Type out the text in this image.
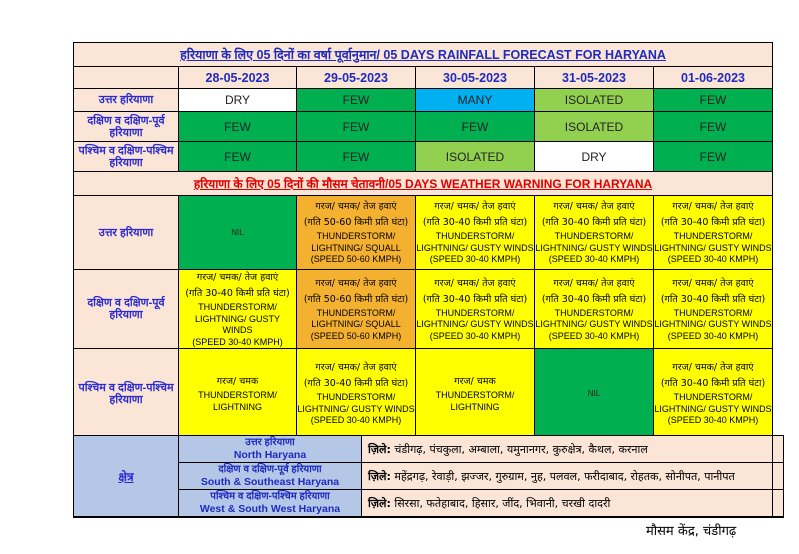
हरियाणा के लिए 05 दिनों का वर्षा पूर्वानुमान/ 05 DAYS RAINFALL FORECAST FOR HARYANA					
	28-05-2023	29-05-2023	30-05-2023	31-05-2023	01-06-2023
उत्तर हरियाणा	DRY	FEW	MANY	ISOLATED	FEW
दक्षिण व दक्षिण-पूर्व हरियाणा	FEW	FEW	FEW	ISOLATED	FEW
पश्चिम व दक्षिण-पश्चिम हरियाणा	FEW	FEW	ISOLATED	DRY	FEW
हरियाणा के लिए 05 दिनों की मौसम चेतावनी/05 DAYS WEATHER WARNING FOR HARYANA					
उत्तर हरियाणा	NIL	गरज/ चमक/ तेज हवाएं
(गति 50-60 किमी प्रति घंटा)
THUNDERSTORM/
LIGHTNING/ SQUALL
(SPEED 50-60 KMPH)	गरज/ चमक/ तेज हवाएं
(गति 30-40 किमी प्रति घंटा)
THUNDERSTORM/
LIGHTNING/ GUSTY WINDS
(SPEED 30-40 KMPH)	गरज/ चमक/ तेज हवाएं
(गति 30-40 किमी प्रति घंटा)
THUNDERSTORM/
LIGHTNING/ GUSTY WINDS
(SPEED 30-40 KMPH)	गरज/ चमक/ तेज हवाएं
(गति 30-40 किमी प्रति घंटा)
THUNDERSTORM/
LIGHTNING/ GUSTY WINDS
(SPEED 30-40 KMPH)

दक्षिण व दक्षिण-पूर्व हरियाणा	गरज/ चमक/ तेज हवाएं
(गति 30-40 किमी प्रति घंटा)
THUNDERSTORM/
LIGHTNING/ GUSTY WINDS
(SPEED 30-40 KMPH)	गरज/ चमक/ तेज हवाएं
(गति 50-60 किमी प्रति घंटा)
THUNDERSTORM/
LIGHTNING/ SQUALL
(SPEED 50-60 KMPH)	गरज/ चमक/ तेज हवाएं
(गति 30-40 किमी प्रति घंटा)
THUNDERSTORM/
LIGHTNING/ GUSTY WINDS
(SPEED 30-40 KMPH)	गरज/ चमक/ तेज हवाएं
(गति 30-40 किमी प्रति घंटा)
THUNDERSTORM/
LIGHTNING/ GUSTY WINDS
(SPEED 30-40 KMPH)	गरज/ चमक/ तेज हवाएं
(गति 30-40 किमी प्रति घंटा)
THUNDERSTORM/
LIGHTNING/ GUSTY WINDS
(SPEED 30-40 KMPH)

पश्चिम व दक्षिण-पश्चिम हरियाणा	गरज/ चमक
THUNDERSTORM/
LIGHTNING	गरज/ चमक/ तेज हवाएं
(गति 30-40 किमी प्रति घंटा)
THUNDERSTORM/
LIGHTNING/ GUSTY WINDS
(SPEED 30-40 KMPH)	गरज/ चमक
THUNDERSTORM/
LIGHTNING	NIL	गरज/ चमक/ तेज हवाएं
(गति 30-40 किमी प्रति घंटा)
THUNDERSTORM/
LIGHTNING/ GUSTY WINDS
(SPEED 30-40 KMPH)
क्षेत्र	उत्तर हरियाणा
North Haryana	ज़िले: चंडीगढ़, पंचकुला, अम्बाला, यमुनानगर, कुरुक्षेत्र, कैथल, करनाल	

	दक्षिण व दक्षिण-पूर्व हरियाणा
South & Southeast Haryana	ज़िले: महेंद्रगढ़, रेवाड़ी, झज्जर, गुरुग्राम, नुह, पलवल, फरीदाबाद, रोहतक, सोनीपत, पानीपत	

	पश्चिम व दक्षिण-पश्चिम हरियाणा
West & South West Haryana	ज़िले: सिरसा, फतेहाबाद, हिसार, जींद, भिवानी, चरखी दादरी	
मौसम केंद्र, चंडीगढ़
